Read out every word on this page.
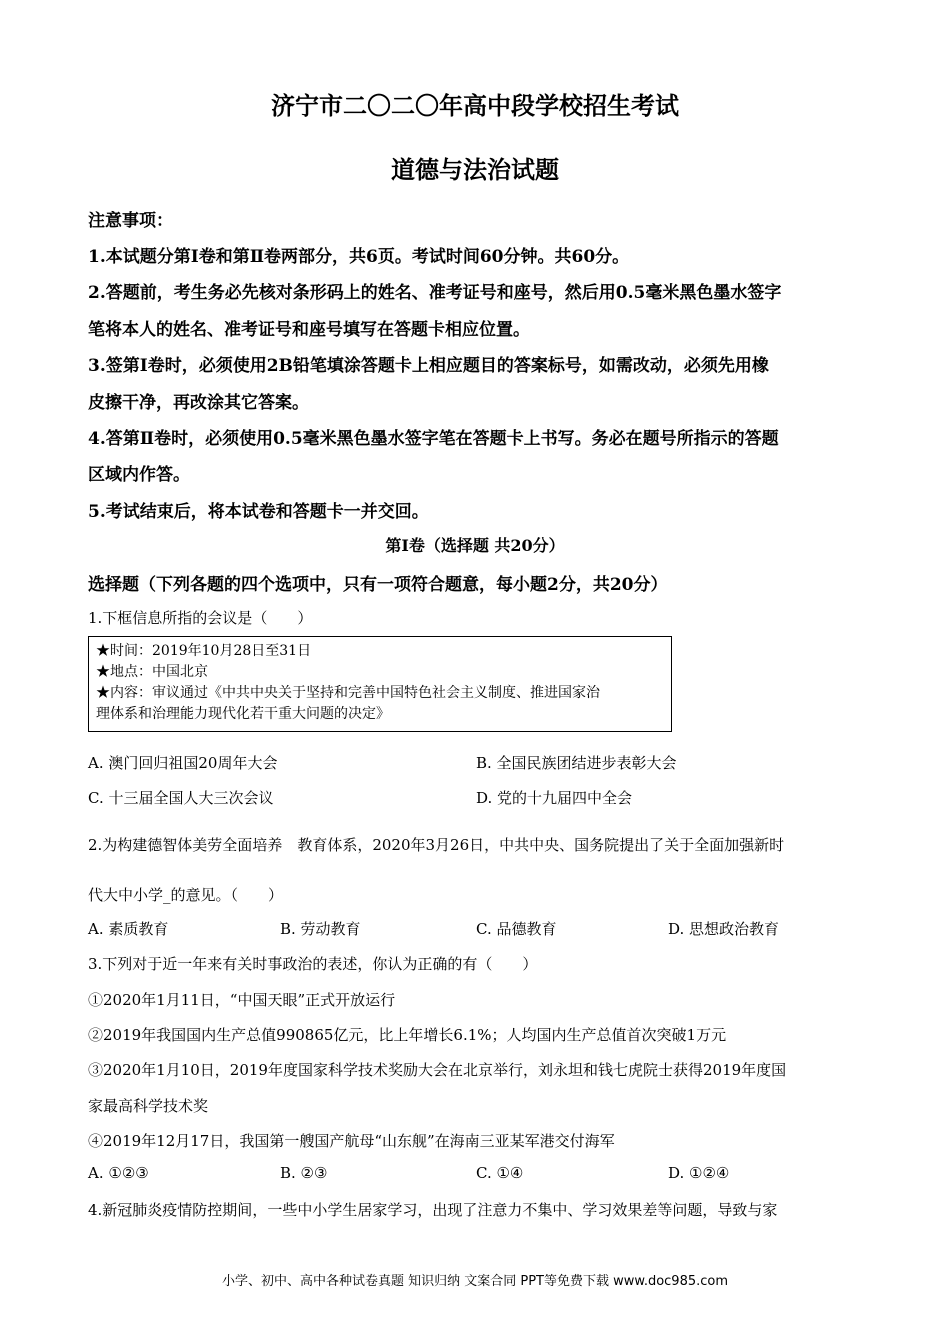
济宁市二〇二〇年高中段学校招生考试
道德与法治试题
注意事项：
1.本试题分第Ⅰ卷和第Ⅱ卷两部分，共6页。考试时间60分钟。共60分。
2.答题前，考生务必先核对条形码上的姓名、准考证号和座号，然后用0.5毫米黑色墨水签字
笔将本人的姓名、准考证号和座号填写在答题卡相应位置。
3.签第Ⅰ卷时，必须使用2B铅笔填涂答题卡上相应题目的答案标号，如需改动，必须先用橡
皮擦干净，再改涂其它答案。
4.答第Ⅱ卷时，必须使用0.5毫米黑色墨水签字笔在答题卡上书写。务必在题号所指示的答题
区域内作答。
5.考试结束后，将本试卷和答题卡一并交回。
第Ⅰ卷（选择题 共20分）
选择题（下列各题的四个选项中，只有一项符合题意，每小题2分，共20分）
1.下框信息所指的会议是（　　）
★时间：2019年10月28日至31日
★地点：中国北京
★内容：审议通过《中共中央关于坚持和完善中国特色社会主义制度、推进国家治
理体系和治理能力现代化若干重大问题的决定》
A. 澳门回归祖国20周年大会	B. 全国民族团结进步表彰大会
C. 十三届全国人大三次会议	D. 党的十九届四中全会
2.为构建德智体美劳全面培养　教育体系，2020年3月26日，中共中央、国务院提出了关于全面加强新时
代大中小学_的意见。（　　）
A. 素质教育	B. 劳动教育	C. 品德教育	D. 思想政治教育
3.下列对于近一年来有关时事政治的表述，你认为正确的有（　　）
①2020年1月11日，“中国天眼”正式开放运行
②2019年我国国内生产总值990865亿元，比上年增长6.1%；人均国内生产总值首次突破1万元
③2020年1月10日，2019年度国家科学技术奖励大会在北京举行，刘永坦和钱七虎院士获得2019年度国
家最高科学技术奖
④2019年12月17日，我国第一艘国产航母“山东舰”在海南三亚某军港交付海军
A. ①②③	B. ②③	C. ①④	D. ①②④
4.新冠肺炎疫情防控期间，一些中小学生居家学习，出现了注意力不集中、学习效果差等问题，导致与家
小学、初中、高中各种试卷真题 知识归纳 文案合同 PPT等免费下载 www.doc985.com
